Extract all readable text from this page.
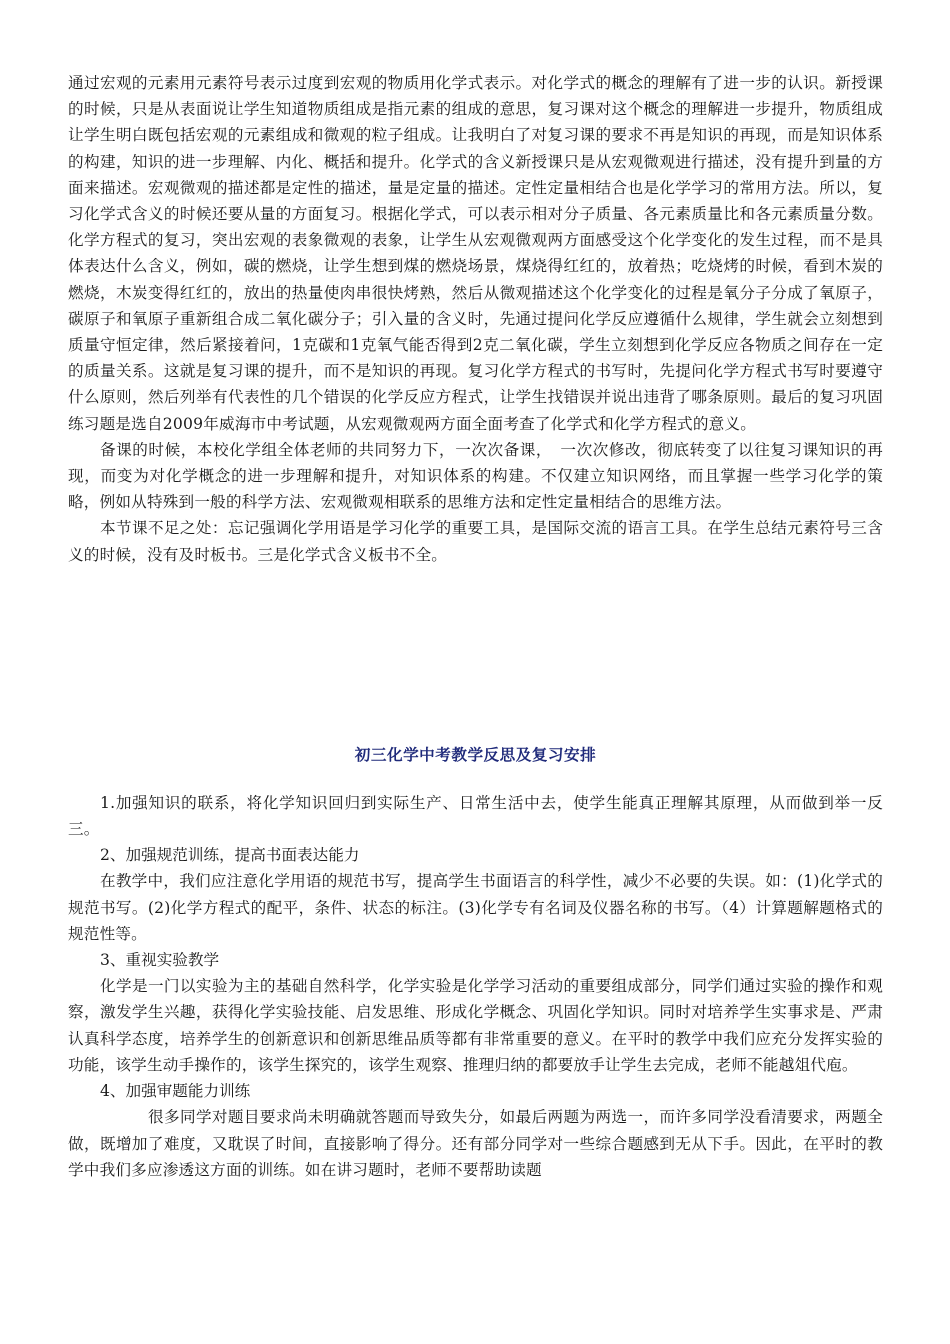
通过宏观的元素用元素符号表示过度到宏观的物质用化学式表示。对化学式的概念的理解有了进一步的认识。新授课的时候，只是从表面说让学生知道物质组成是指元素的组成的意思，复习课对这个概念的理解进一步提升，物质组成让学生明白既包括宏观的元素组成和微观的粒子组成。让我明白了对复习课的要求不再是知识的再现，而是知识体系的构建，知识的进一步理解、内化、概括和提升。化学式的含义新授课只是从宏观微观进行描述，没有提升到量的方面来描述。宏观微观的描述都是定性的描述，量是定量的描述。定性定量相结合也是化学学习的常用方法。所以，复习化学式含义的时候还要从量的方面复习。根据化学式，可以表示相对分子质量、各元素质量比和各元素质量分数。化学方程式的复习，突出宏观的表象微观的表象，让学生从宏观微观两方面感受这个化学变化的发生过程，而不是具体表达什么含义，例如，碳的燃烧，让学生想到煤的燃烧场景，煤烧得红红的，放着热；吃烧烤的时候，看到木炭的燃烧，木炭变得红红的，放出的热量使肉串很快烤熟，然后从微观描述这个化学变化的过程是氧分子分成了氧原子，碳原子和氧原子重新组合成二氧化碳分子；引入量的含义时，先通过提问化学反应遵循什么规律，学生就会立刻想到质量守恒定律，然后紧接着问，1克碳和1克氧气能否得到2克二氧化碳，学生立刻想到化学反应各物质之间存在一定的质量关系。这就是复习课的提升，而不是知识的再现。复习化学方程式的书写时，先提问化学方程式书写时要遵守什么原则，然后列举有代表性的几个错误的化学反应方程式，让学生找错误并说出违背了哪条原则。最后的复习巩固练习题是选自2009年威海市中考试题，从宏观微观两方面全面考查了化学式和化学方程式的意义。

备课的时候，本校化学组全体老师的共同努力下，一次次备课，　一次次修改，彻底转变了以往复习课知识的再现，而变为对化学概念的进一步理解和提升，对知识体系的构建。不仅建立知识网络，而且掌握一些学习化学的策略，例如从特殊到一般的科学方法、宏观微观相联系的思维方法和定性定量相结合的思维方法。

本节课不足之处：忘记强调化学用语是学习化学的重要工具，是国际交流的语言工具。在学生总结元素符号三含义的时候，没有及时板书。三是化学式含义板书不全。

初三化学中考教学反思及复习安排

1.加强知识的联系，将化学知识回归到实际生产、日常生活中去，使学生能真正理解其原理，从而做到举一反三。

2、加强规范训练，提高书面表达能力

在教学中，我们应注意化学用语的规范书写，提高学生书面语言的科学性，减少不必要的失误。如：(1)化学式的规范书写。(2)化学方程式的配平，条件、状态的标注。(3)化学专有名词及仪器名称的书写。（4）计算题解题格式的规范性等。

3、重视实验教学

化学是一门以实验为主的基础自然科学，化学实验是化学学习活动的重要组成部分，同学们通过实验的操作和观察，激发学生兴趣，获得化学实验技能、启发思维、形成化学概念、巩固化学知识。同时对培养学生实事求是、严肃认真科学态度，培养学生的创新意识和创新思维品质等都有非常重要的意义。在平时的教学中我们应充分发挥实验的功能，该学生动手操作的，该学生探究的，该学生观察、推理归纳的都要放手让学生去完成，老师不能越俎代庖。

4、加强审题能力训练

很多同学对题目要求尚未明确就答题而导致失分，如最后两题为两选一，而许多同学没看清要求，两题全做，既增加了难度，又耽误了时间，直接影响了得分。还有部分同学对一些综合题感到无从下手。因此，在平时的教学中我们多应渗透这方面的训练。如在讲习题时，老师不要帮助读题
